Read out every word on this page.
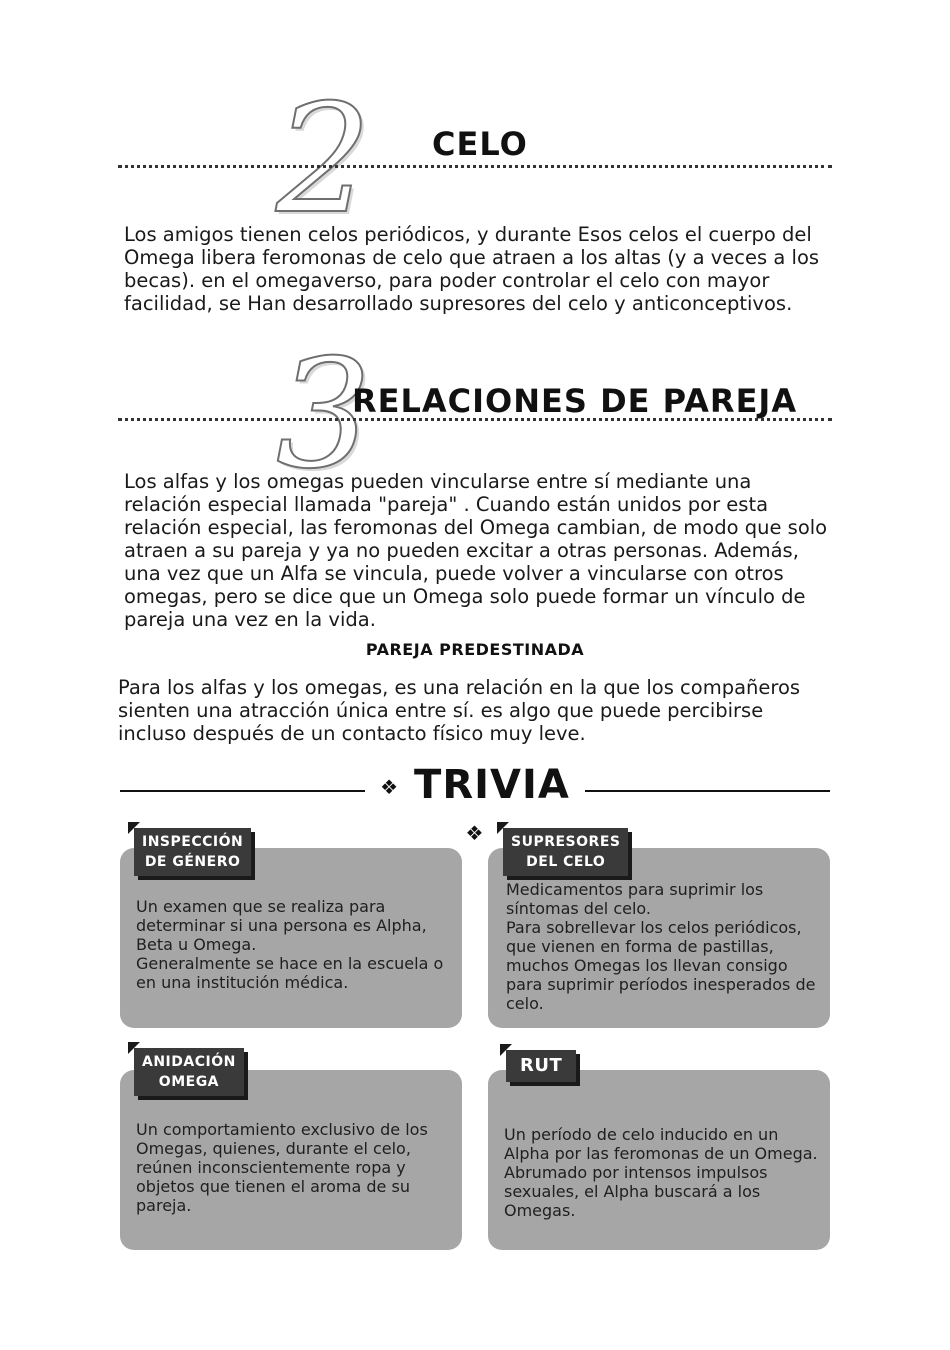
2 CELO
Los amigos tienen celos periódicos, y durante Esos celos el cuerpo del Omega libera feromonas de celo que atraen a los altas (y a veces a los becas). en el omegaverso, para poder controlar el celo con mayor facilidad, se Han desarrollado supresores del celo y anticonceptivos.
3
RELACIONES DE PAREJA
Los alfas y los omegas pueden vincularse entre sí mediante una relación especial llamada "pareja" . Cuando están unidos por esta relación especial, las feromonas del Omega cambian, de modo que solo atraen a su pareja y ya no pueden excitar a otras personas. Además, una vez que un Alfa se vincula, puede volver a vincularse con otros omegas, pero se dice que un Omega solo puede formar un vínculo de pareja una vez en la vida.
PAREJA PREDESTINADA
Para los alfas y los omegas, es una relación en la que los compañeros sienten una atracción única entre sí. es algo que puede percibirse incluso después de un contacto físico muy leve.
❖ TRIVIA ❖
Un examen que se realiza para determinar si una persona es Alpha, Beta u Omega.
Generalmente se hace en la escuela o en una institución médica.
INSPECCIÓN
DE GÉNERO
Medicamentos para suprimir los síntomas del celo.
Para sobrellevar los celos periódicos, que vienen en forma de pastillas, muchos Omegas los llevan consigo para suprimir períodos inesperados de celo.
SUPRESORES
DEL CELO
Un comportamiento exclusivo de los Omegas, quienes, durante el celo, reúnen inconscientemente ropa y objetos que tienen el aroma de su pareja.
ANIDACIÓN
OMEGA
Un período de celo inducido en un Alpha por las feromonas de un Omega. Abrumado por intensos impulsos sexuales, el Alpha buscará a los Omegas.
RUT
